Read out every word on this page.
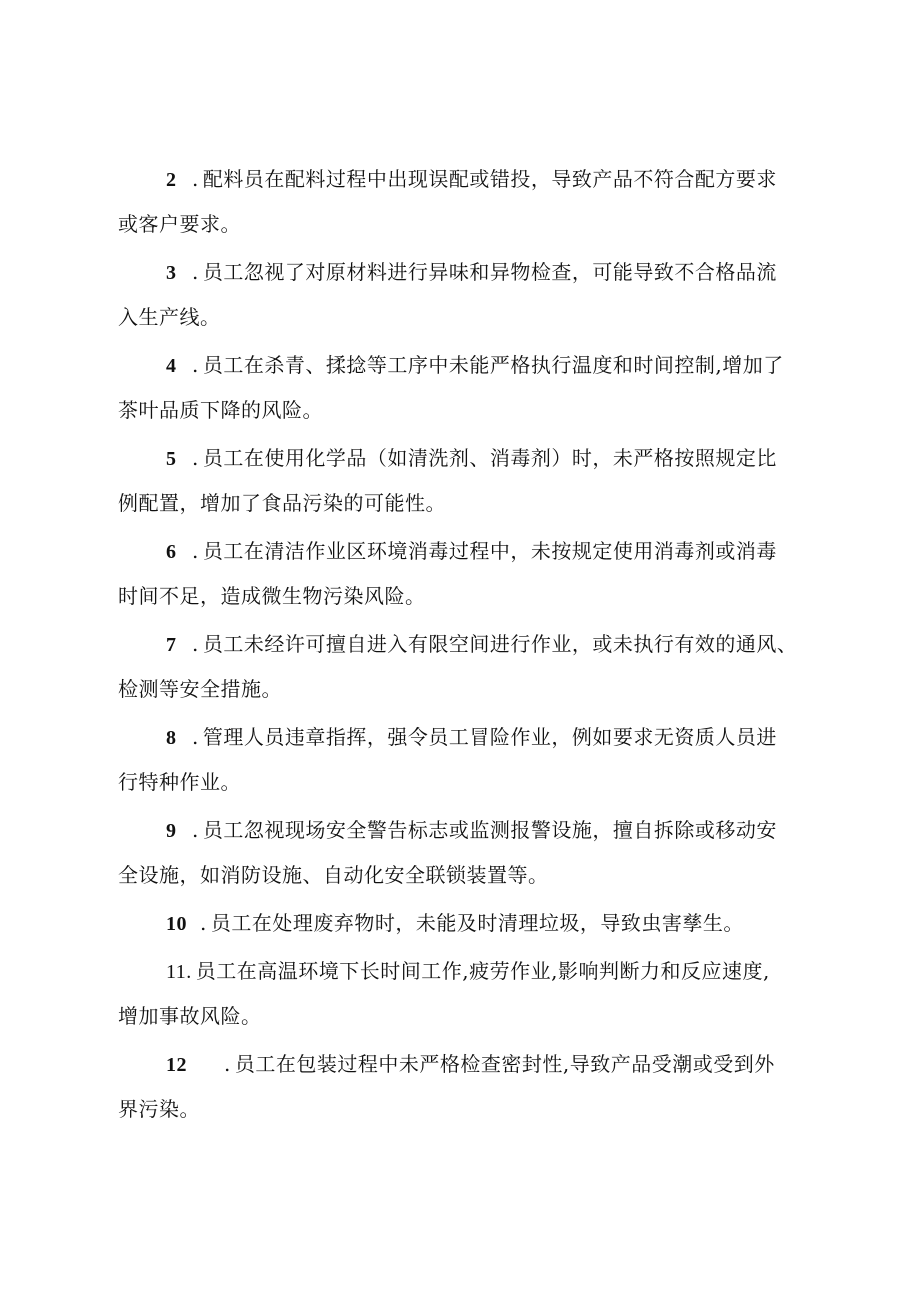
2 . 配料员在配料过程中出现误配或错投，导致产品不符合配方要求
或客户要求。
3 . 员工忽视了对原材料进行异味和异物检查，可能导致不合格品流
入生产线。
4 . 员工在杀青、揉捻等工序中未能严格执行温度和时间控制,增加了
茶叶品质下降的风险。
5 . 员工在使用化学品（如清洗剂、消毒剂）时，未严格按照规定比
例配置，增加了食品污染的可能性。
6 . 员工在清洁作业区环境消毒过程中，未按规定使用消毒剂或消毒
时间不足，造成微生物污染风险。
7 . 员工未经许可擅自进入有限空间进行作业，或未执行有效的通风、
检测等安全措施。
8 . 管理人员违章指挥，强令员工冒险作业，例如要求无资质人员进
行特种作业。
9 . 员工忽视现场安全警告标志或监测报警设施，擅自拆除或移动安
全设施，如消防设施、自动化安全联锁装置等。
10 . 员工在处理废弃物时，未能及时清理垃圾，导致虫害孳生。
11. 员工在高温环境下长时间工作,疲劳作业,影响判断力和反应速度,
增加事故风险。
12 . 员工在包装过程中未严格检查密封性,导致产品受潮或受到外
界污染。
